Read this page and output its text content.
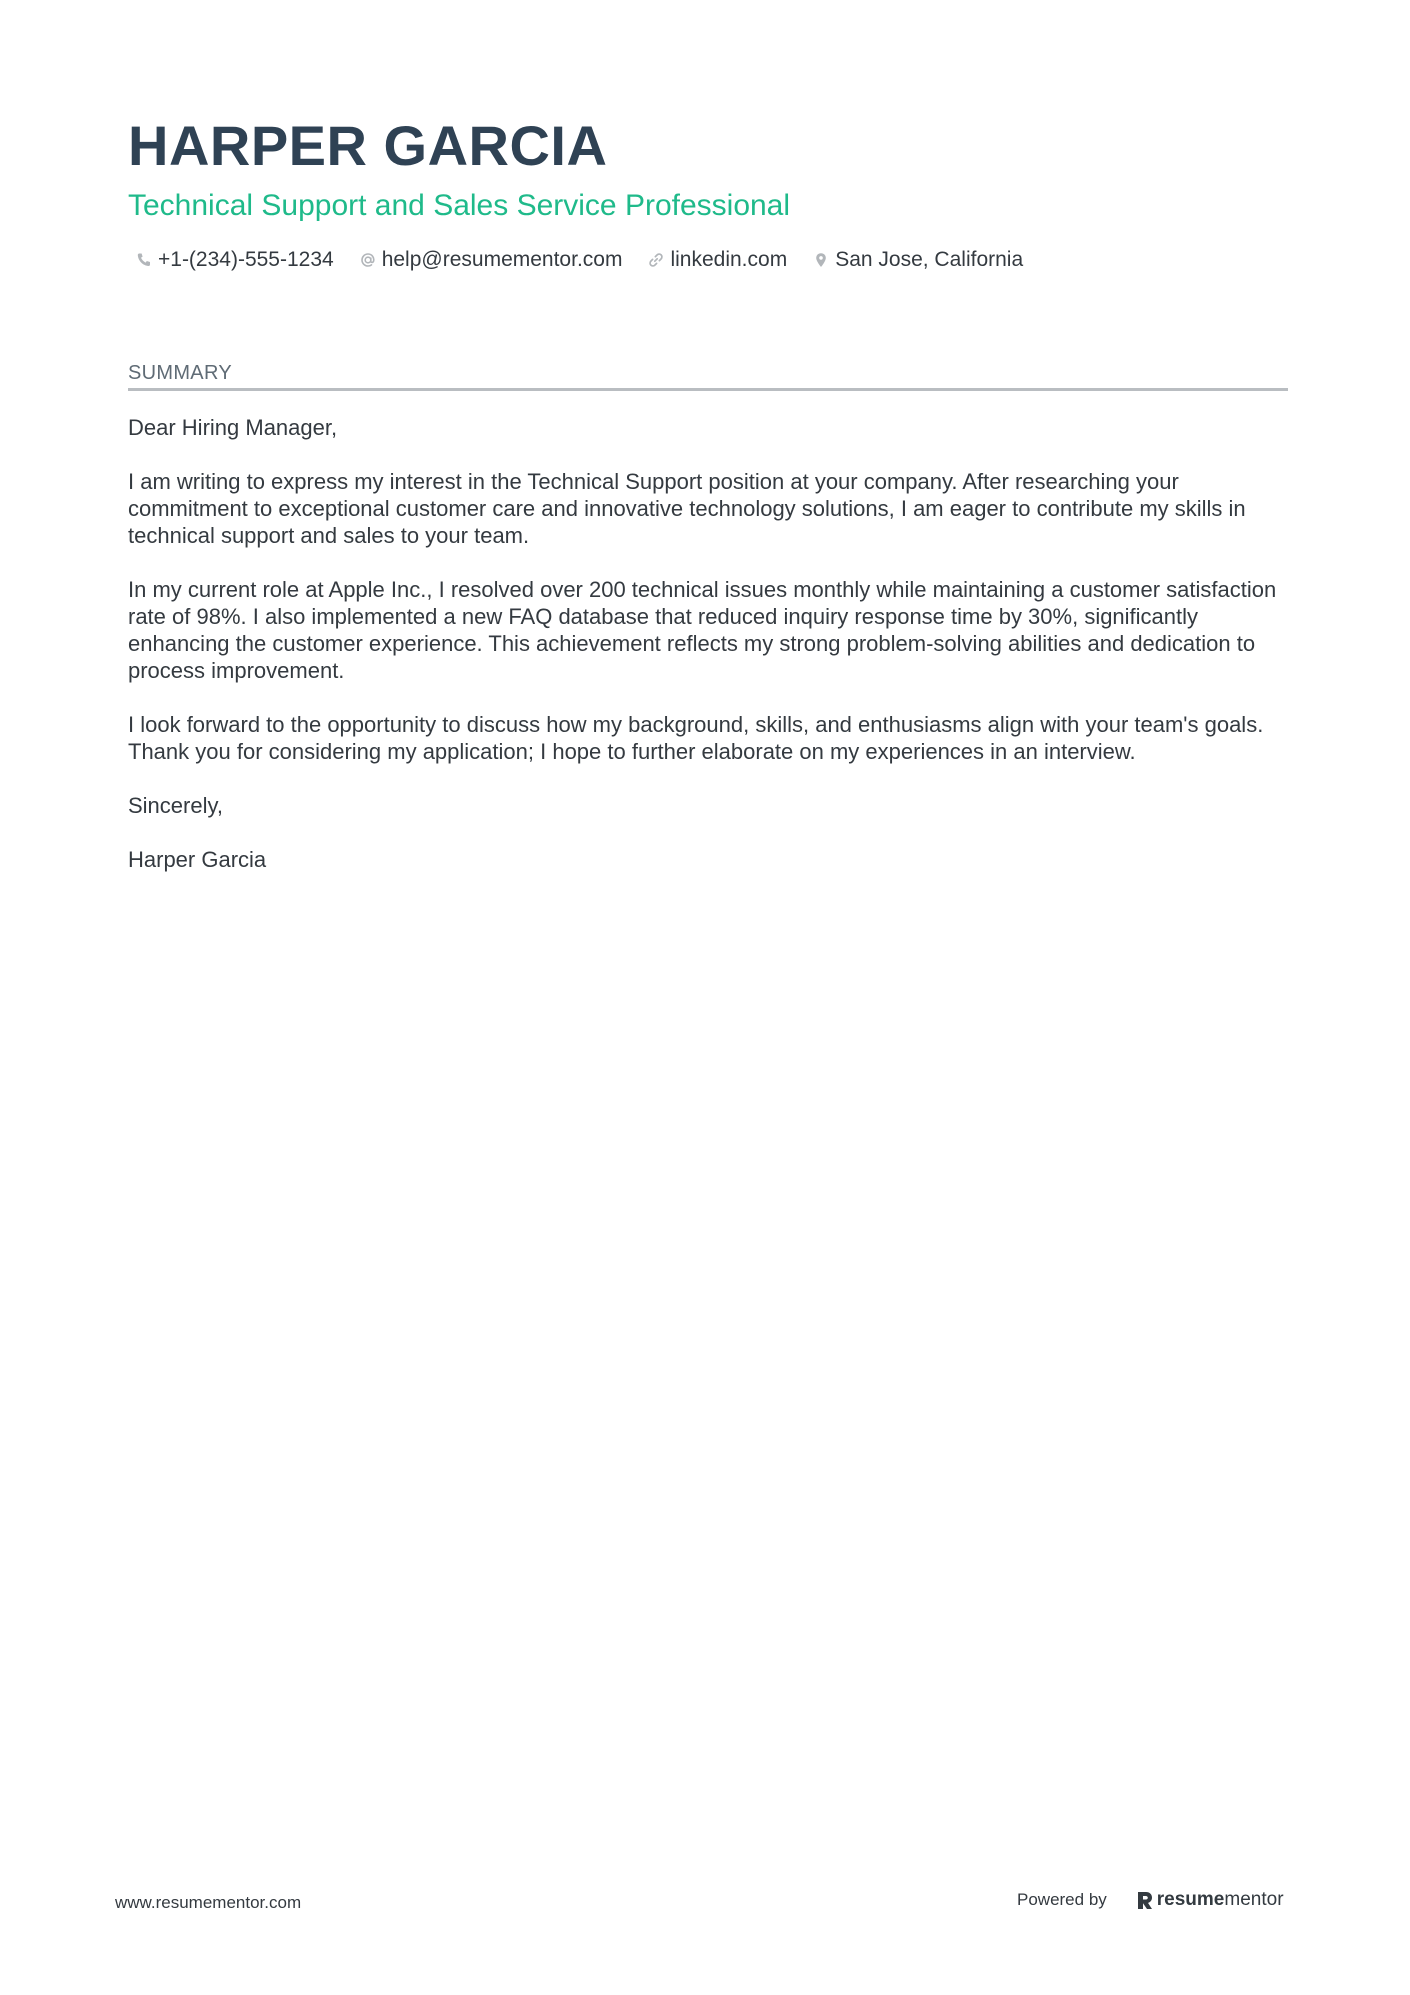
HARPER GARCIA
Technical Support and Sales Service Professional
+1-(234)-555-1234 help@resumementor.com linkedin.com San Jose, California
SUMMARY

Dear Hiring Manager,

I am writing to express my interest in the Technical Support position at your company. After researching your commitment to exceptional customer care and innovative technology solutions, I am eager to contribute my skills in technical support and sales to your team.

In my current role at Apple Inc., I resolved over 200 technical issues monthly while maintaining a customer satisfaction rate of 98%. I also implemented a new FAQ database that reduced inquiry response time by 30%, significantly enhancing the customer experience. This achievement reflects my strong problem-solving abilities and dedication to process improvement.

I look forward to the opportunity to discuss how my background, skills, and enthusiasms align with your team's goals. Thank you for considering my application; I hope to further elaborate on my experiences in an interview.

Sincerely,

Harper Garcia

www.resumementor.com	Powered by	resume mentor
